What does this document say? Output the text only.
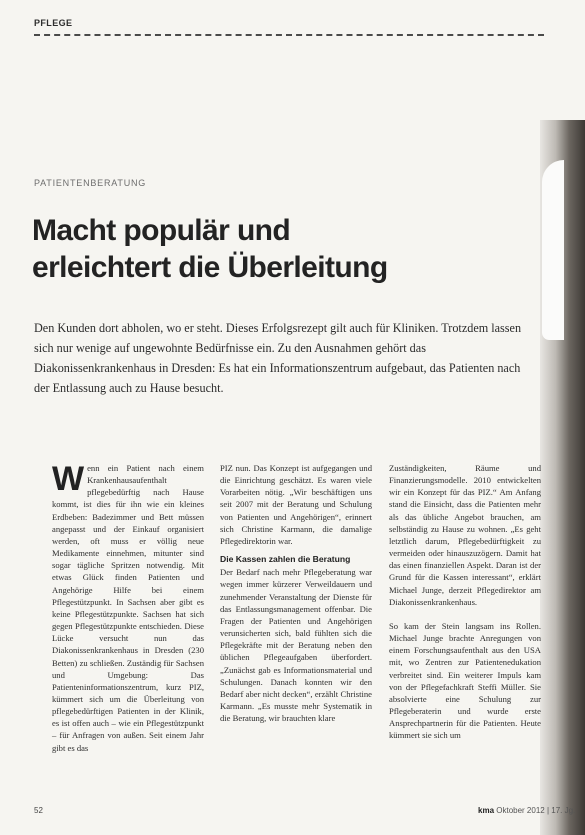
PFLEGE
PATIENTENBERATUNG
Macht populär und
erleichtert die Überleitung

Den Kunden dort abholen, wo er steht. Dieses Erfolgsrezept gilt auch für Kliniken. Trotzdem lassen sich nur wenige auf ungewohnte Bedürfnisse ein. Zu den Ausnahmen gehört das Diakonissenkrankenhaus in Dresden: Es hat ein Informationszentrum aufgebaut, das Patienten nach der Entlassung auch zu Hause besucht.

W enn ein Patient nach einem Krankenhausaufenthalt pflegebedürftig nach Hause kommt, ist dies für ihn wie ein kleines Erdbeben: Badezimmer und Bett müssen angepasst und der Einkauf organisiert werden, oft muss er völlig neue Medikamente einnehmen, mitunter sind sogar tägliche Spritzen notwendig. Mit etwas Glück finden Patienten und Angehörige Hilfe bei einem Pflegestützpunkt. In Sachsen aber gibt es keine Pflegestützpunkte. Sachsen hat sich gegen Pflegestützpunkte entschieden. Diese Lücke versucht nun das Diakonissenkrankenhaus in Dresden (230 Betten) zu schließen. Zuständig für Sachsen und Umgebung: Das Patienteninformationszentrum, kurz PIZ, kümmert sich um die Überleitung von pflegebedürftigen Patienten in der Klinik, es ist offen auch – wie ein Pflegestützpunkt – für Anfragen von außen. Seit einem Jahr gibt es das

PIZ nun. Das Konzept ist aufgegangen und die Einrichtung geschätzt. Es waren viele Vorarbeiten nötig. „Wir beschäftigen uns seit 2007 mit der Beratung und Schulung von Patienten und Angehörigen“, erinnert sich Christine Karmann, die damalige Pflegedirektorin war.

Die Kassen zahlen die Beratung

Der Bedarf nach mehr Pflegeberatung war wegen immer kürzerer Verweildauern und zunehmender Veranstaltung der Dienste für das Entlassungsmanagement offenbar. Die Fragen der Patienten und Angehörigen verunsicherten sich, bald fühlten sich die Pflegekräfte mit der Beratung neben den üblichen Pflegeaufgaben überfordert. „Zunächst gab es Informationsmaterial und Schulungen. Danach konnten wir den Bedarf aber nicht decken“, erzählt Christine Karmann. „Es musste mehr Systematik in die Beratung, wir brauchten klare

Zuständigkeiten, Räume und Finanzierungsmodelle. 2010 entwickelten wir ein Konzept für das PIZ.“ Am Anfang stand die Einsicht, dass die Patienten mehr als das übliche Angebot brauchen, am selbständig zu Hause zu wohnen. „Es geht letztlich darum, Pflegebedürftigkeit zu vermeiden oder hinauszuzögern. Damit hat das einen finanziellen Aspekt. Daran ist der Grund für die Kassen interessant“, erklärt Michael Junge, derzeit Pflegedirektor am Diakonissenkrankenhaus.

So kam der Stein langsam ins Rollen. Michael Junge brachte Anregungen von einem Forschungsaufenthalt aus den USA mit, wo Zentren zur Patientenedukation verbreitet sind. Ein weiterer Impuls kam von der Pflegefachkraft Steffi Müller. Sie absolvierte eine Schulung zur Pflegeberaterin und wurde erste Ansprechpartnerin für die Patienten. Heute kümmert sie sich um

52	kma Oktober 2012 | 17. Jg.
